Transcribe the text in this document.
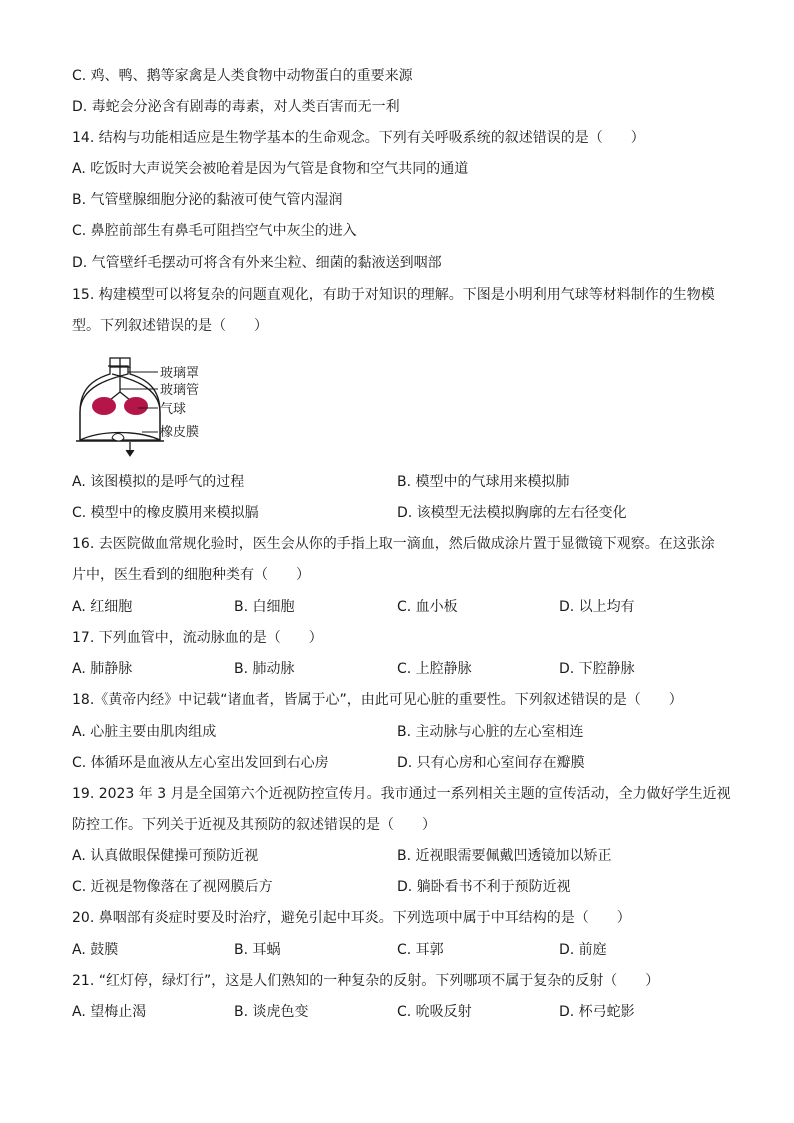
C. 鸡、鸭、鹅等家禽是人类食物中动物蛋白的重要来源
D. 毒蛇会分泌含有剧毒的毒素，对人类百害而无一利
14. 结构与功能相适应是生物学基本的生命观念。下列有关呼吸系统的叙述错误的是（　　）
A. 吃饭时大声说笑会被呛着是因为气管是食物和空气共同的通道
B. 气管壁腺细胞分泌的黏液可使气管内湿润
C. 鼻腔前部生有鼻毛可阻挡空气中灰尘的进入
D. 气管壁纤毛摆动可将含有外来尘粒、细菌的黏液送到咽部
15. 构建模型可以将复杂的问题直观化，有助于对知识的理解。下图是小明利用气球等材料制作的生物模
型。下列叙述错误的是（　　）
玻璃罩
玻璃管
气球
橡皮膜
A. 该图模拟的是呼气的过程	B. 模型中的气球用来模拟肺
C. 模型中的橡皮膜用来模拟膈	D. 该模型无法模拟胸廓的左右径变化
16. 去医院做血常规化验时，医生会从你的手指上取一滴血，然后做成涂片置于显微镜下观察。在这张涂
片中，医生看到的细胞种类有（　　）
A. 红细胞	B. 白细胞	C. 血小板	D. 以上均有
17. 下列血管中，流动脉血的是（　　）
A. 肺静脉	B. 肺动脉	C. 上腔静脉	D. 下腔静脉
18.《黄帝内经》中记载“诸血者，皆属于心”，由此可见心脏的重要性。下列叙述错误的是（　　）
A. 心脏主要由肌肉组成	B. 主动脉与心脏的左心室相连
C. 体循环是血液从左心室出发回到右心房	D. 只有心房和心室间存在瓣膜
19. 2023 年 3 月是全国第六个近视防控宣传月。我市通过一系列相关主题的宣传活动，全力做好学生近视
防控工作。下列关于近视及其预防的叙述错误的是（　　）
A. 认真做眼保健操可预防近视	B. 近视眼需要佩戴凹透镜加以矫正
C. 近视是物像落在了视网膜后方	D. 躺卧看书不利于预防近视
20. 鼻咽部有炎症时要及时治疗，避免引起中耳炎。下列选项中属于中耳结构的是（　　）
A. 鼓膜	B. 耳蜗	C. 耳郭	D. 前庭
21. “红灯停，绿灯行”，这是人们熟知的一种复杂的反射。下列哪项不属于复杂的反射（　　）
A. 望梅止渴	B. 谈虎色变	C. 吮吸反射	D. 杯弓蛇影
